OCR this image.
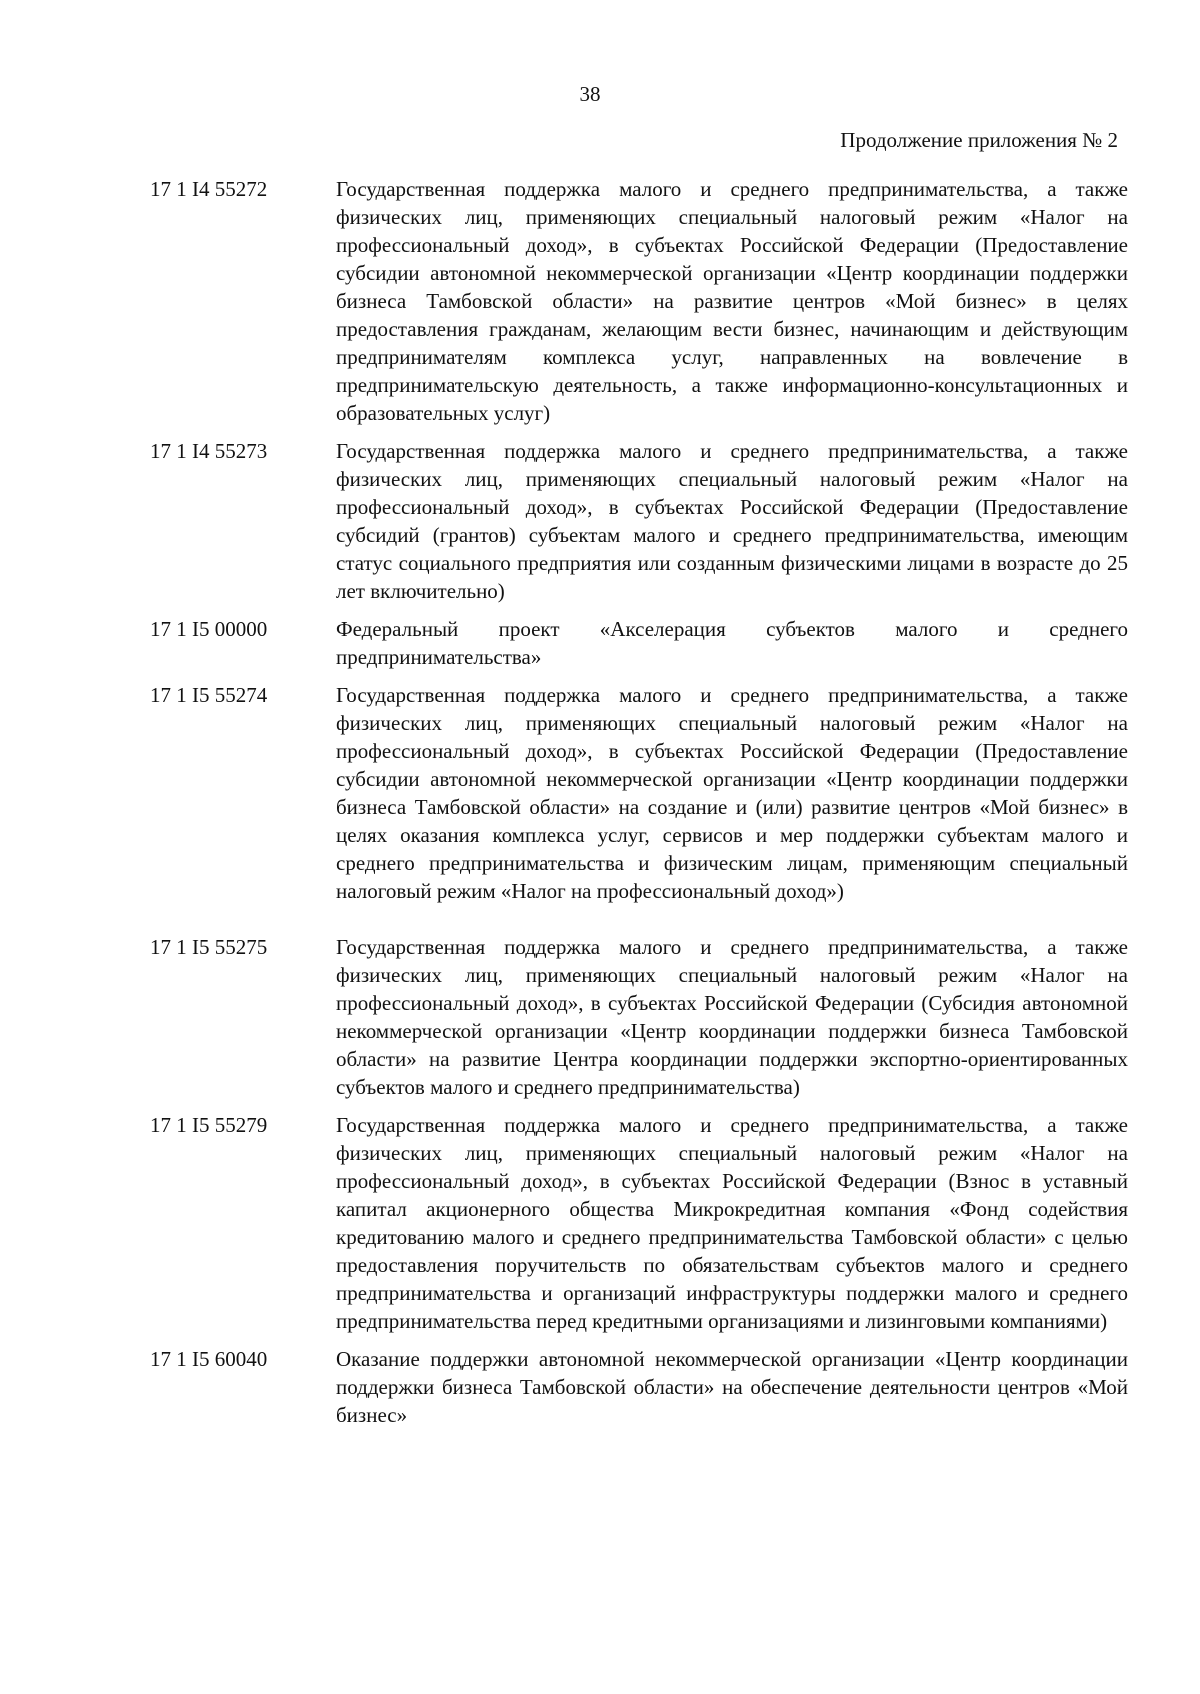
38
Продолжение приложения № 2
17 1 I4 55272	Государственная поддержка малого и среднего предпринимательства, а также физических лиц, применяющих специальный налоговый режим «Налог на профессиональный доход», в субъектах Российской Федерации (Предоставление субсидии автономной некоммерческой организации «Центр координации поддержки бизнеса Тамбовской области» на развитие центров «Мой бизнес» в целях предоставления гражданам, желающим вести бизнес, начинающим и действующим предпринимателям комплекса услуг, направленных на вовлечение в предпринимательскую деятельность, а также информационно-консультационных и образовательных услуг)
17 1 I4 55273	Государственная поддержка малого и среднего предпринимательства, а также физических лиц, применяющих специальный налоговый режим «Налог на профессиональный доход», в субъектах Российской Федерации (Предоставление субсидий (грантов) субъектам малого и среднего предпринимательства, имеющим статус социального предприятия или созданным физическими лицами в возрасте до 25 лет включительно)
17 1 I5 00000	Федеральный проект «Акселерация субъектов малого и среднего предпринимательства»
17 1 I5 55274	Государственная поддержка малого и среднего предпринимательства, а также физических лиц, применяющих специальный налоговый режим «Налог на профессиональный доход», в субъектах Российской Федерации (Предоставление субсидии автономной некоммерческой организации «Центр координации поддержки бизнеса Тамбовской области» на создание и (или) развитие центров «Мой бизнес» в целях оказания комплекса услуг, сервисов и мер поддержки субъектам малого и среднего предпринимательства и физическим лицам, применяющим специальный налоговый режим «Налог на профессиональный доход»)
17 1 I5 55275	Государственная поддержка малого и среднего предпринимательства, а также физических лиц, применяющих специальный налоговый режим «Налог на профессиональный доход», в субъектах Российской Федерации (Субсидия автономной некоммерческой организации «Центр координации поддержки бизнеса Тамбовской области» на развитие Центра координации поддержки экспортно-ориентированных субъектов малого и среднего предпринимательства)
17 1 I5 55279	Государственная поддержка малого и среднего предпринимательства, а также физических лиц, применяющих специальный налоговый режим «Налог на профессиональный доход», в субъектах Российской Федерации (Взнос в уставный капитал акционерного общества Микрокредитная компания «Фонд содействия кредитованию малого и среднего предпринимательства Тамбовской области» с целью предоставления поручительств по обязательствам субъектов малого и среднего предпринимательства и организаций инфраструктуры поддержки малого и среднего предпринимательства перед кредитными организациями и лизинговыми компаниями)
17 1 I5 60040	Оказание поддержки автономной некоммерческой организации «Центр координации поддержки бизнеса Тамбовской области» на обеспечение деятельности центров «Мой бизнес»
